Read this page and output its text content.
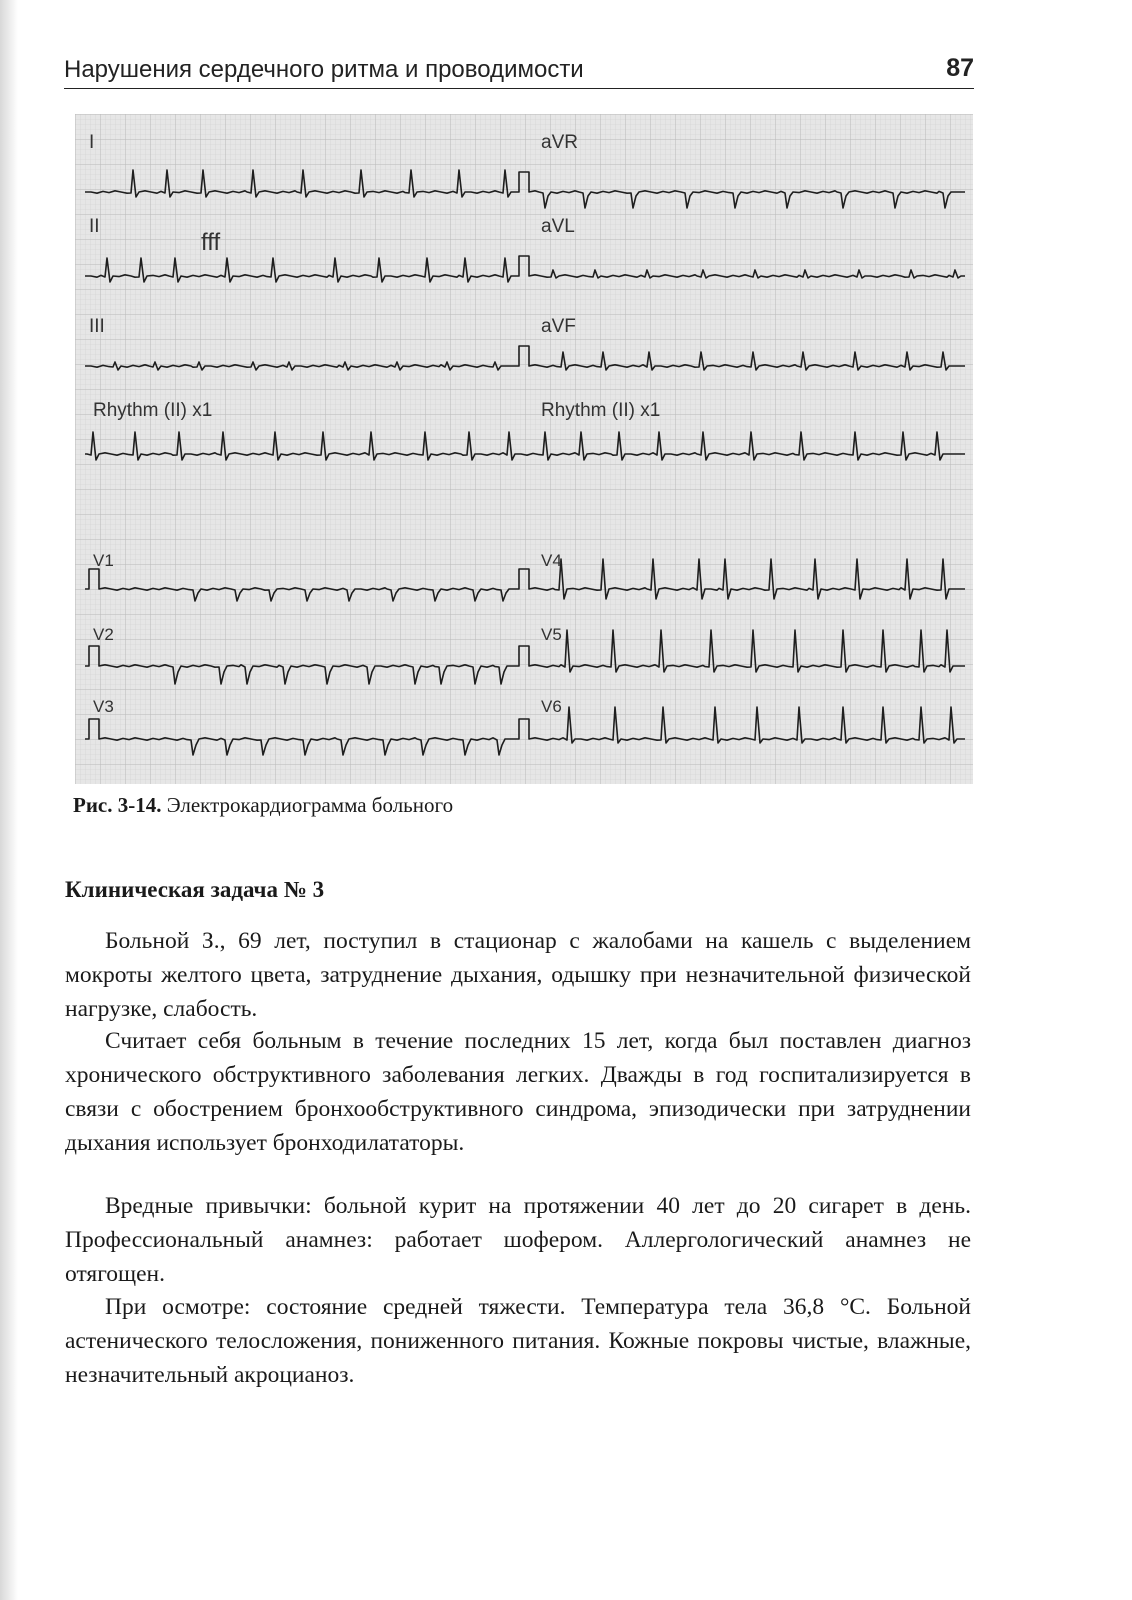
Нарушения сердечного ритма и проводимости	87
I	aVR
II
fff
aVL
III	aVF
Rhythm (II) x1	Rhythm (II) x1
V1
V2
V3
V4
V5
V6
Рис. 3-14. Электрокардиограмма больного
Клиническая задача № 3

Больной З., 69 лет, поступил в стационар с жалобами на кашель с выделением мокроты желтого цвета, затруднение дыхания, одышку при незначительной физической нагрузке, слабость.

Считает себя больным в течение последних 15 лет, когда был поставлен диагноз хронического обструктивного заболевания легких. Дважды в год госпитализируется в связи с обострением бронхообструктивного синдрома, эпизодически при затруднении дыхания использует бронходилататоры.

Вредные привычки: больной курит на протяжении 40 лет до 20 сигарет в день. Профессиональный анамнез: работает шофером. Аллергологический анамнез не отягощен.

При осмотре: состояние средней тяжести. Температура тела 36,8 °С. Больной астенического телосложения, пониженного питания. Кожные покровы чистые, влажные, незначительный акроцианоз.
